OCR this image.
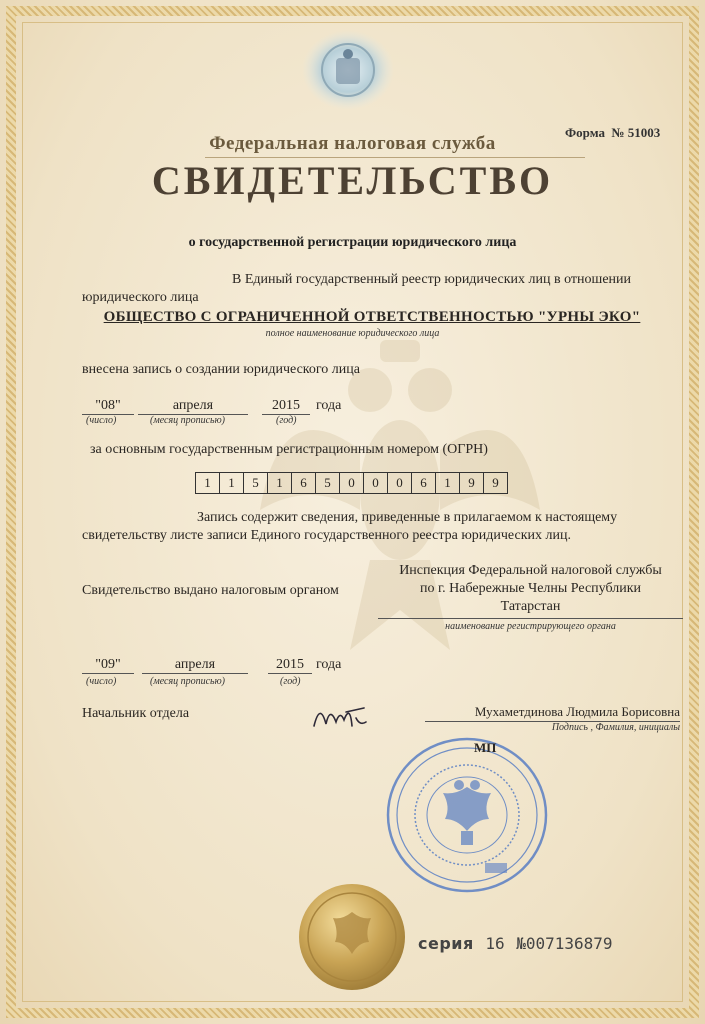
Форма № 51003
Федеральная налоговая служба
СВИДЕТЕЛЬСТВО
о государственной регистрации юридического лица
В Единый государственный реестр юридических лиц в отношении
юридического лица
ОБЩЕСТВО С ОГРАНИЧЕННОЙ ОТВЕТСТВЕННОСТЬЮ "УРНЫ ЭКО"
полное наименование юридического лица
внесена запись о создании юридического лица
"08"	апреля	2015	года
(число)	(месяц прописью)	(год)
за основным государственным регистрационным номером (ОГРН)
1	1	5	1	6	5	0	0	0	6	1	9	9
Запись содержит сведения, приведенные в прилагаемом к настоящему
свидетельству листе записи Единого государственного реестра юридических лиц.
Свидетельство выдано налоговым органом
Инспекция Федеральной налоговой службы
по г. Набережные Челны Республики
Татарстан
наименование регистрирующего органа
"09"	апреля	2015 года
(число)	(месяц прописью)	(год)
Начальник отдела	Мухаметдинова Людмила Борисовна
Подпись , Фамилия, инициалы
МП
серия 16 №007136879
